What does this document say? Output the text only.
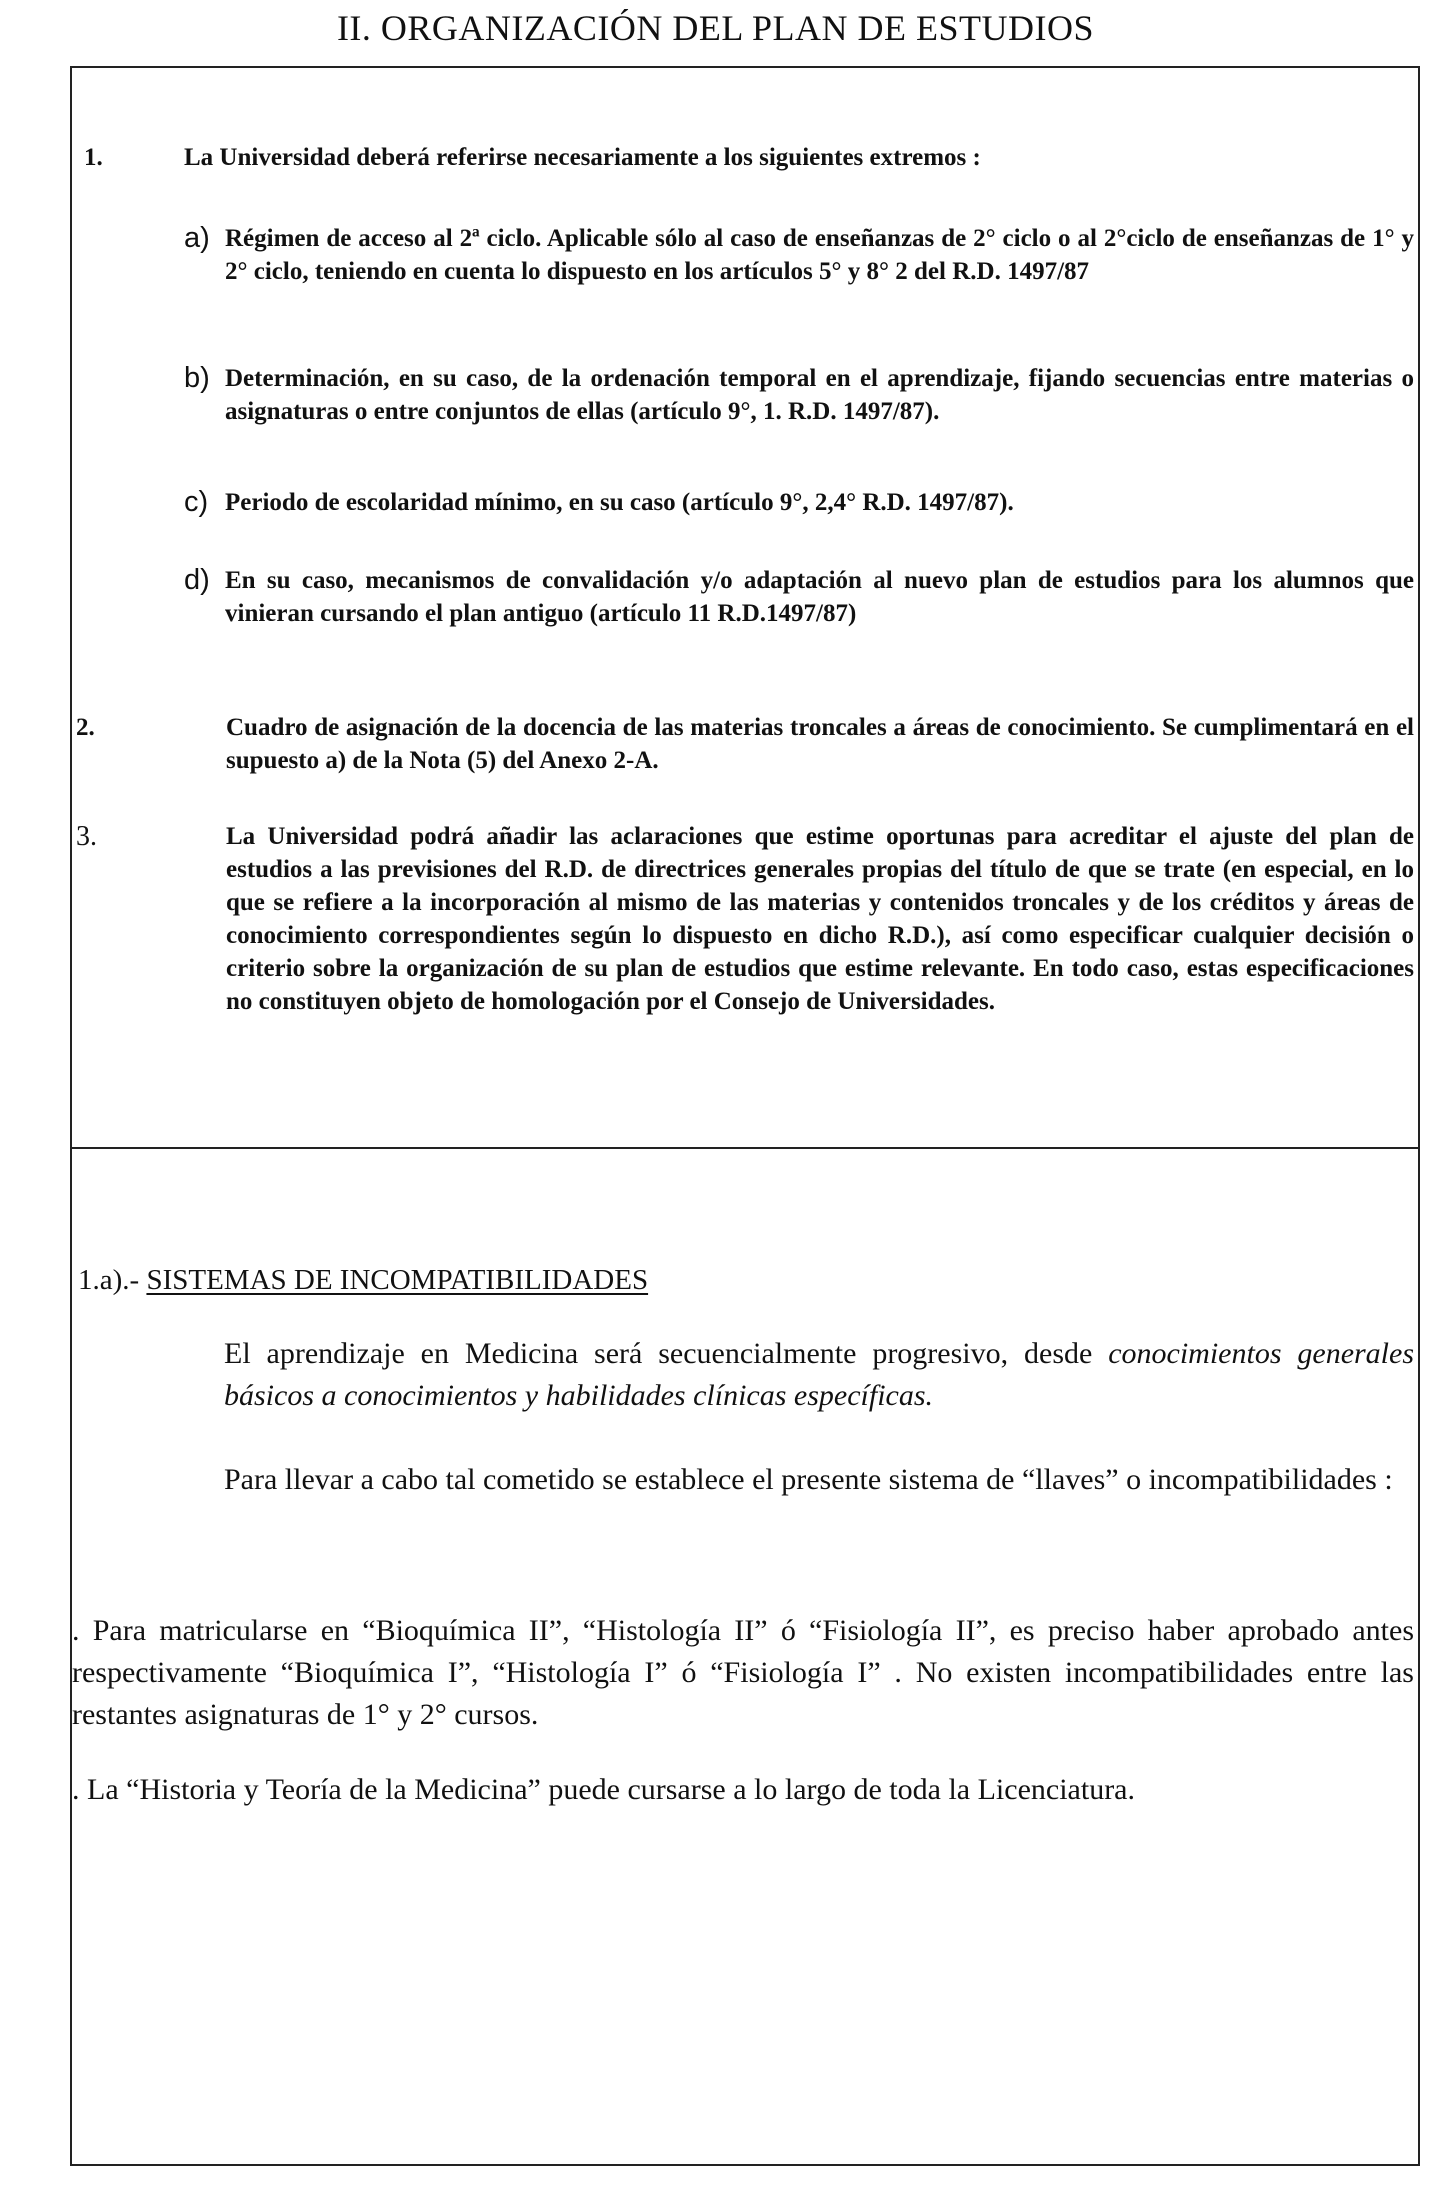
II. ORGANIZACIÓN DEL PLAN DE ESTUDIOS
1.	La Universidad deberá referirse necesariamente a los siguientes extremos :
a) Régimen de acceso al 2ª ciclo. Aplicable sólo al caso de enseñanzas de 2° ciclo o al 2°ciclo de enseñanzas de 1° y 2° ciclo, teniendo en cuenta lo dispuesto en los artículos 5° y 8° 2 del R.D. 1497/87
b) Determinación, en su caso, de la ordenación temporal en el aprendizaje, fijando secuencias entre materias o asignaturas o entre conjuntos de ellas (artículo 9°, 1. R.D. 1497/87).
c) Periodo de escolaridad mínimo, en su caso (artículo 9°, 2,4° R.D. 1497/87).
d) En su caso, mecanismos de convalidación y/o adaptación al nuevo plan de estudios para los alumnos que vinieran cursando el plan antiguo (artículo 11 R.D.1497/87)
2.	Cuadro de asignación de la docencia de las materias troncales a áreas de conocimiento. Se cumplimentará en el supuesto a) de la Nota (5) del Anexo 2-A.
3.	La Universidad podrá añadir las aclaraciones que estime oportunas para acreditar el ajuste del plan de estudios a las previsiones del R.D. de directrices generales propias del título de que se trate (en especial, en lo que se refiere a la incorporación al mismo de las materias y contenidos troncales y de los créditos y áreas de conocimiento correspondientes según lo dispuesto en dicho R.D.), así como especificar cualquier decisión o criterio sobre la organización de su plan de estudios que estime relevante. En todo caso, estas especificaciones no constituyen objeto de homologación por el Consejo de Universidades.
1.a).- SISTEMAS DE INCOMPATIBILIDADES
El aprendizaje en Medicina será secuencialmente progresivo, desde conocimientos generales básicos a conocimientos y habilidades clínicas específicas.
Para llevar a cabo tal cometido se establece el presente sistema de “llaves” o incompatibilidades :
. Para matricularse en “Bioquímica II”, “Histología II” ó “Fisiología II”, es preciso haber aprobado antes respectivamente “Bioquímica I”, “Histología I” ó “Fisiología I” . No existen incompatibilidades entre las restantes asignaturas de 1° y 2° cursos.
. La “Historia y Teoría de la Medicina” puede cursarse a lo largo de toda la Licenciatura.
